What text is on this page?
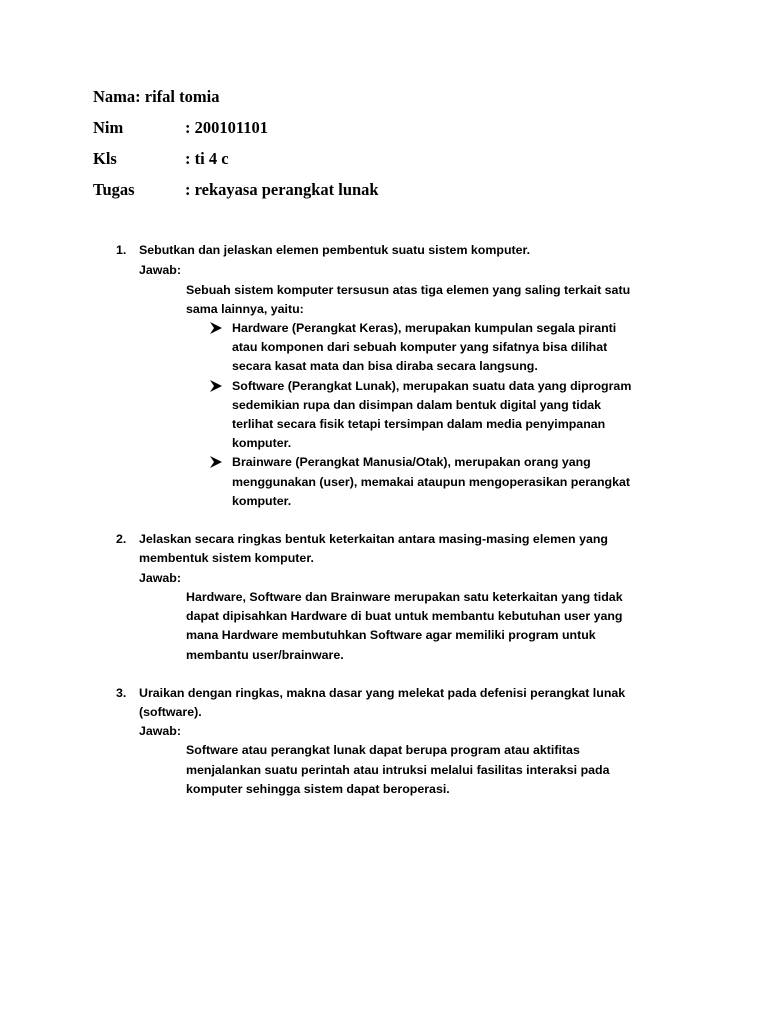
Nama: rifal tomia
Nim	: 200101101
Kls	: ti 4 c
Tugas	: rekayasa perangkat lunak
1. Sebutkan dan jelaskan elemen pembentuk suatu sistem komputer.
Jawab:
Sebuah sistem komputer tersusun atas tiga elemen yang saling terkait satu
sama lainnya, yaitu:
Hardware (Perangkat Keras), merupakan kumpulan segala piranti
atau komponen dari sebuah komputer yang sifatnya bisa dilihat
secara kasat mata dan bisa diraba secara langsung.
Software (Perangkat Lunak), merupakan suatu data yang diprogram
sedemikian rupa dan disimpan dalam bentuk digital yang tidak
terlihat secara fisik tetapi tersimpan dalam media penyimpanan
komputer.
Brainware (Perangkat Manusia/Otak), merupakan orang yang
menggunakan (user), memakai ataupun mengoperasikan perangkat
komputer.
2. Jelaskan secara ringkas bentuk keterkaitan antara masing-masing elemen yang
membentuk sistem komputer.
Jawab:
Hardware, Software dan Brainware merupakan satu keterkaitan yang tidak
dapat dipisahkan Hardware di buat untuk membantu kebutuhan user yang
mana Hardware membutuhkan Software agar memiliki program untuk
membantu user/brainware.
3. Uraikan dengan ringkas, makna dasar yang melekat pada defenisi perangkat lunak
(software).
Jawab:
Software atau perangkat lunak dapat berupa program atau aktifitas
menjalankan suatu perintah atau intruksi melalui fasilitas interaksi pada
komputer sehingga sistem dapat beroperasi.
